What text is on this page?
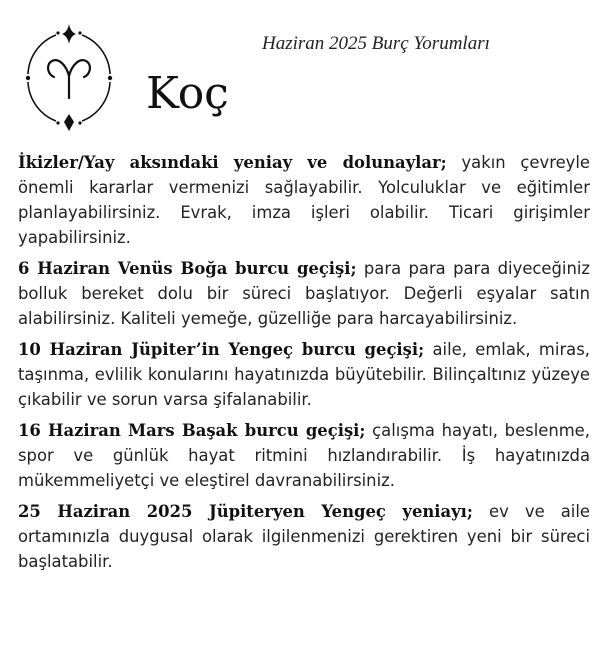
Koç
Haziran 2025 Burç Yorumları

İkizler/Yay aksındaki yeniay ve dolunaylar; yakın çevreyle önemli kararlar vermenizi sağlayabilir. Yolculuklar ve eğitimler planlayabilirsiniz. Evrak, imza işleri olabilir. Ticari girişimler yapabilirsiniz.

6 Haziran Venüs Boğa burcu geçişi; para para para diyeceğiniz bolluk bereket dolu bir süreci başlatıyor. Değerli eşyalar satın alabilirsiniz. Kaliteli yemeğe, güzelliğe para harcayabilirsiniz.

10 Haziran Jüpiter’in Yengeç burcu geçişi; aile, emlak, miras, taşınma, evlilik konularını hayatınızda büyütebilir. Bilinçaltınız yüzeye çıkabilir ve sorun varsa şifalanabilir.

16 Haziran Mars Başak burcu geçişi; çalışma hayatı, beslenme, spor ve günlük hayat ritmini hızlandırabilir. İş hayatınızda mükemmeliyetçi ve eleştirel davranabilirsiniz.

25 Haziran 2025 Jüpiteryen Yengeç yeniayı; ev ve aile ortamınızla duygusal olarak ilgilenmenizi gerektiren yeni bir süreci başlatabilir.
